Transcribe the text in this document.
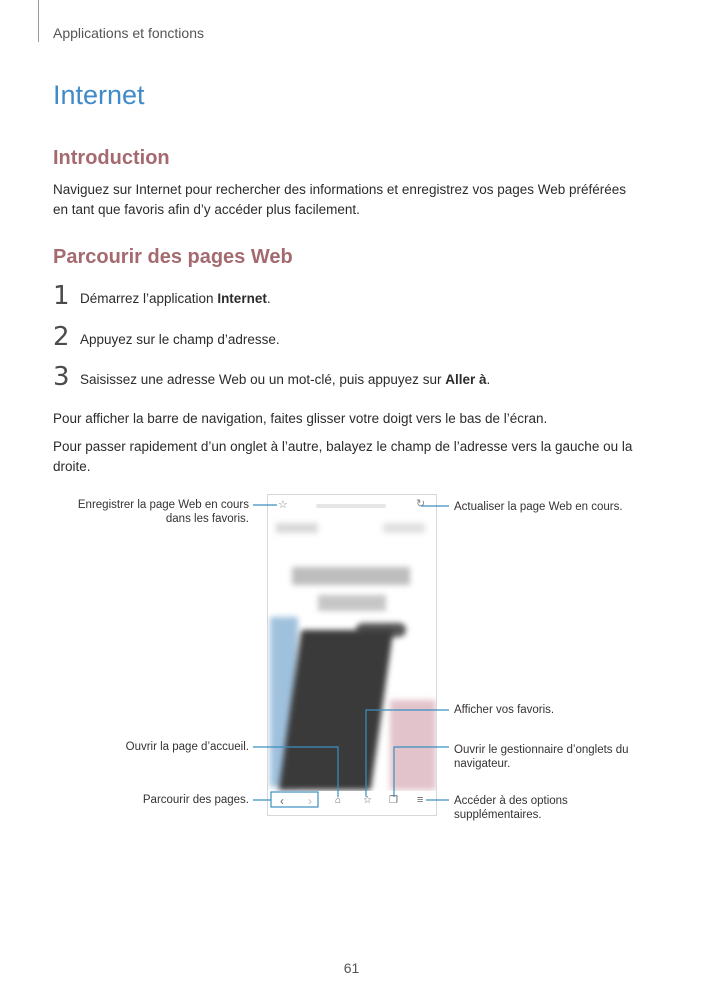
Applications et fonctions
Internet
Introduction

Naviguez sur Internet pour rechercher des informations et enregistrez vos pages Web préférées en tant que favoris afin d’y accéder plus facilement.

Parcourir des pages Web
1 Démarrez l’application Internet.
2 Appuyez sur le champ d’adresse.
3 Saisissez une adresse Web ou un mot-clé, puis appuyez sur Aller à.

Pour afficher la barre de navigation, faites glisser votre doigt vers le bas de l’écran.

Pour passer rapidement d’un onglet à l’autre, balayez le champ de l’adresse vers la gauche ou la droite.

☆	↻
‹ › ⌂ ☆ ❐ ≡
Enregistrer la page Web en cours dans les favoris.
Actualiser la page Web en cours.
Afficher vos favoris.
Ouvrir la page d’accueil.	Ouvrir le gestionnaire d’onglets du navigateur.
Parcourir des pages.	Accéder à des options supplémentaires.
61
